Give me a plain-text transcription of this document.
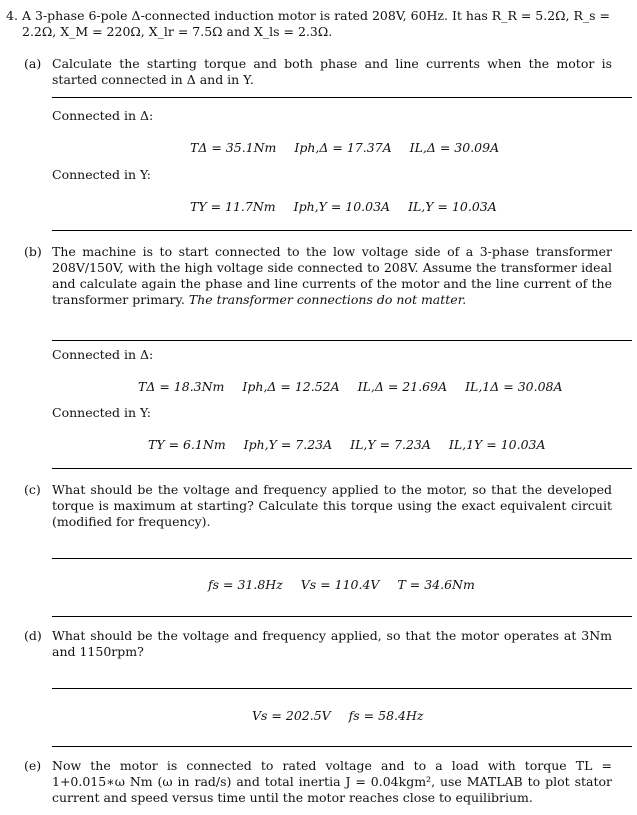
4. A 3-phase 6-pole Δ-connected induction motor is rated 208V, 60Hz. It has R_R = 5.2Ω, R_s =
2.2Ω, X_M = 220Ω, X_lr = 7.5Ω and X_ls = 2.3Ω.
(a) Calculate the starting torque and both phase and line currents when the motor is started connected in Δ and in Y.
Connected in Δ:
TΔ = 35.1Nm Iph,Δ = 17.37A IL,Δ = 30.09A
Connected in Y:
TY = 11.7Nm Iph,Y = 10.03A IL,Y = 10.03A
(b) The machine is to start connected to the low voltage side of a 3-phase transformer 208V/150V, with the high voltage side connected to 208V. Assume the transformer ideal and calculate again the phase and line currents of the motor and the line current of the transformer primary. The transformer connections do not matter.
Connected in Δ:
TΔ = 18.3Nm Iph,Δ = 12.52A IL,Δ = 21.69A IL,1Δ = 30.08A
Connected in Y:
TY = 6.1Nm Iph,Y = 7.23A IL,Y = 7.23A IL,1Y = 10.03A
(c) What should be the voltage and frequency applied to the motor, so that the developed torque is maximum at starting? Calculate this torque using the exact equivalent circuit (modified for frequency).
fs = 31.8Hz Vs = 110.4V T = 34.6Nm
(d) What should be the voltage and frequency applied, so that the motor operates at 3Nm and 1150rpm?
Vs = 202.5V fs = 58.4Hz
(e) Now the motor is connected to rated voltage and to a load with torque TL = 1+0.015∗ω Nm (ω in rad/s) and total inertia J = 0.04kgm², use MATLAB to plot stator current and speed versus time until the motor reaches close to equilibrium.
